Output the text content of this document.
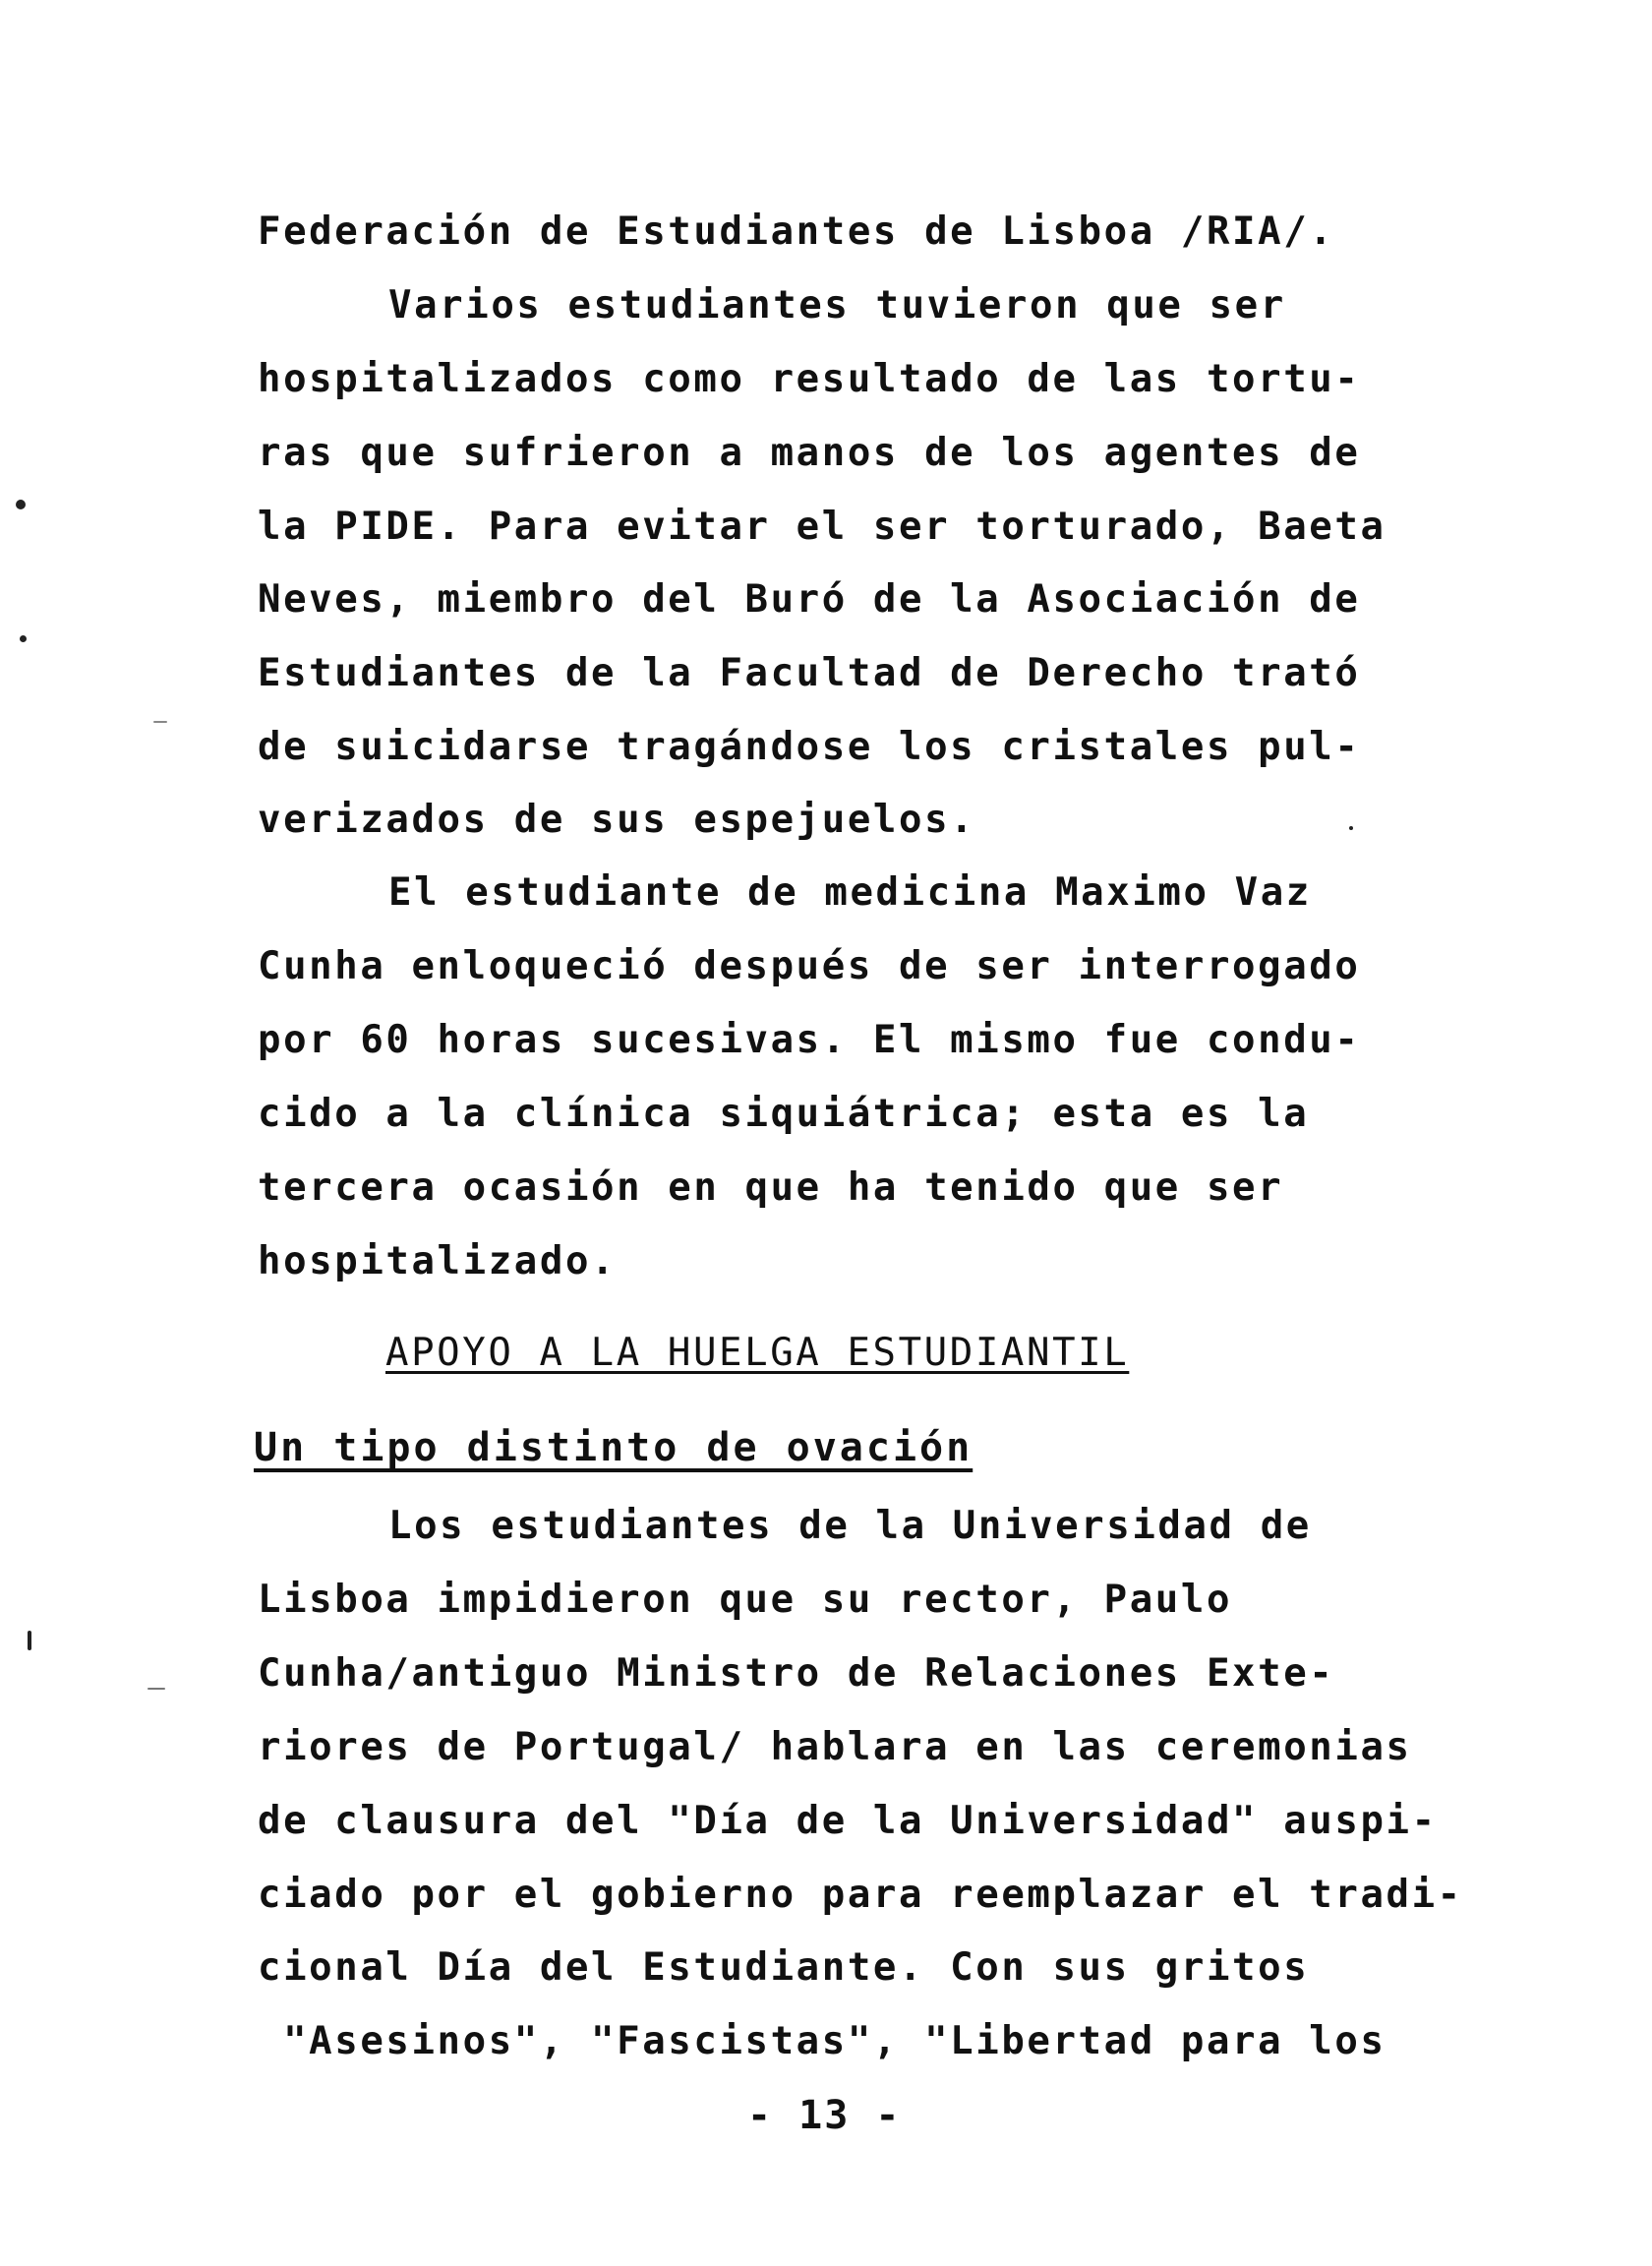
Federación de Estudiantes de Lisboa /RIA/.
Varios estudiantes tuvieron que ser
hospitalizados como resultado de las tortu-
ras que sufrieron a manos de los agentes de
la PIDE. Para evitar el ser torturado, Baeta
Neves, miembro del Buró de la Asociación de
Estudiantes de la Facultad de Derecho trató
de suicidarse tragándose los cristales pul-
verizados de sus espejuelos.
El estudiante de medicina Maximo Vaz
Cunha enloqueció después de ser interrogado
por 60 horas sucesivas. El mismo fue condu-
cido a la clínica siquiátrica; esta es la
tercera ocasión en que ha tenido que ser
hospitalizado.
APOYO A LA HUELGA ESTUDIANTIL
Un tipo distinto de ovación
Los estudiantes de la Universidad de
Lisboa impidieron que su rector, Paulo
Cunha/antiguo Ministro de Relaciones Exte-
riores de Portugal/ hablara en las ceremonias
de clausura del "Día de la Universidad" auspi-
ciado por el gobierno para reemplazar el tradi-
cional Día del Estudiante. Con sus gritos
"Asesinos", "Fascistas", "Libertad para los
- 13 -
